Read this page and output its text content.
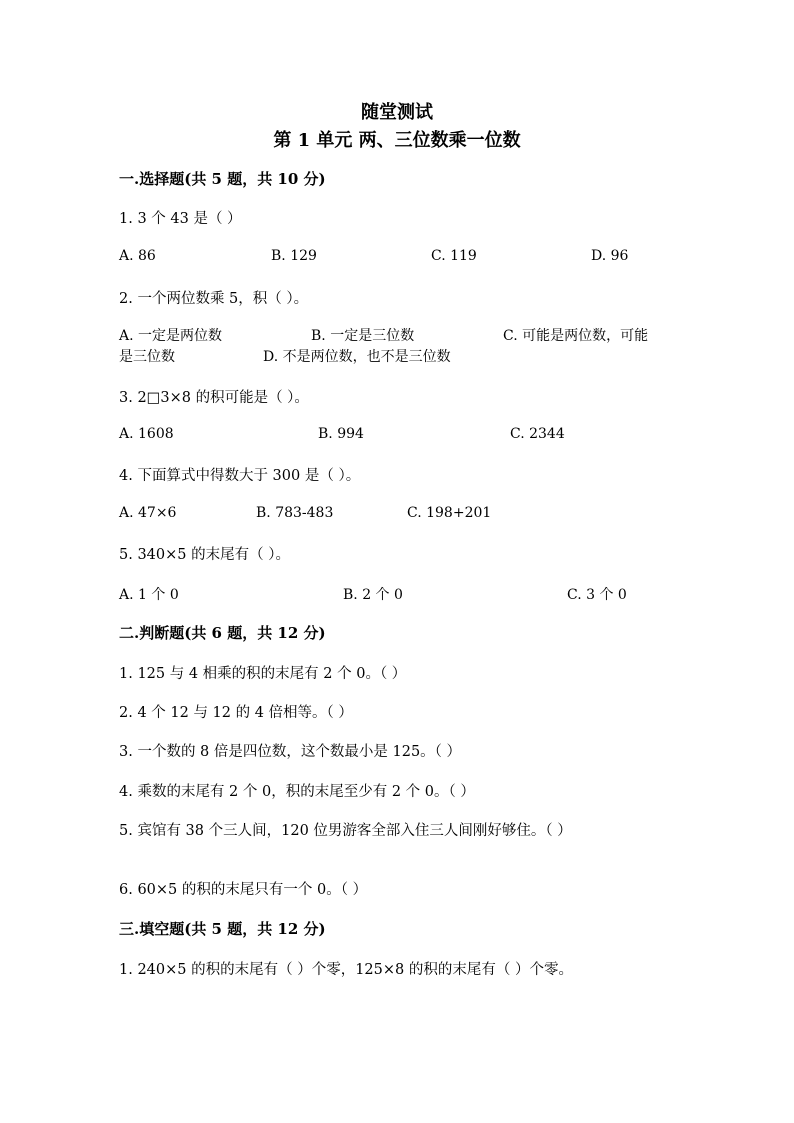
随堂测试
第 1 单元 两、三位数乘一位数
一.选择题(共 5 题，共 10 分)
1. 3 个 43 是（ ）
A. 86	B. 129	C. 119	D. 96
2. 一个两位数乘 5，积（ ）。
A. 一定是两位数	B. 一定是三位数	C. 可能是两位数，可能
是三位数	D. 不是两位数，也不是三位数
3. 2□3×8 的积可能是（ ）。
A. 1608	B. 994	C. 2344
4. 下面算式中得数大于 300 是（ ）。
A. 47×6	B. 783-483	C. 198+201
5. 340×5 的末尾有（ ）。
A. 1 个 0	B. 2 个 0	C. 3 个 0
二.判断题(共 6 题，共 12 分)
1. 125 与 4 相乘的积的末尾有 2 个 0。（ ）
2. 4 个 12 与 12 的 4 倍相等。（ ）
3. 一个数的 8 倍是四位数，这个数最小是 125。（ ）
4. 乘数的末尾有 2 个 0，积的末尾至少有 2 个 0。（ ）
5. 宾馆有 38 个三人间，120 位男游客全部入住三人间刚好够住。（ ）
6. 60×5 的积的末尾只有一个 0。（ ）
三.填空题(共 5 题，共 12 分)
1. 240×5 的积的末尾有（ ）个零，125×8 的积的末尾有（ ）个零。
